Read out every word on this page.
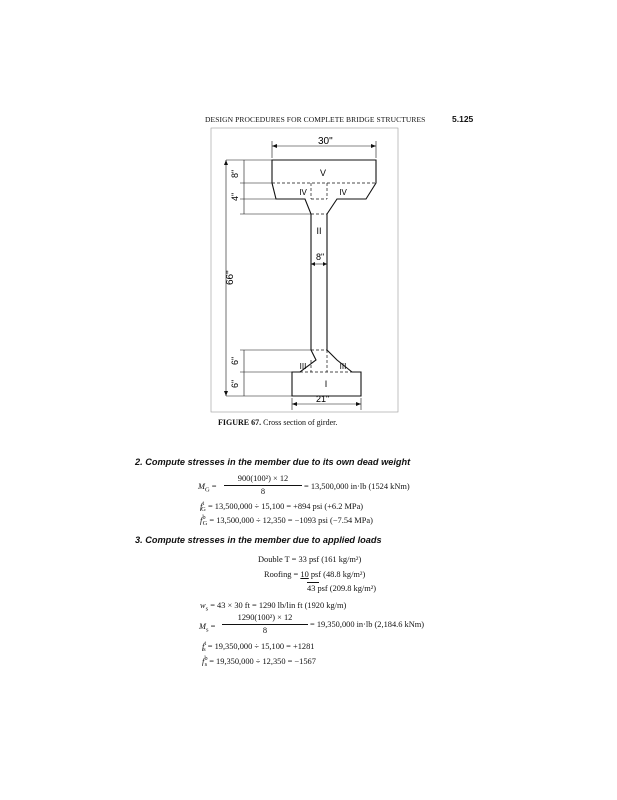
DESIGN PROCEDURES FOR COMPLETE BRIDGE STRUCTURES	5.125
30"
8"
21"
8"
4"
66"
6"
6"
V
IV	IV
II
III	III
I
FIGURE 67. Cross section of girder.
2. Compute stresses in the member due to its own dead weight
$M_G$ =
900(100²) × 12
8
= 13,500,000 in·lb (1524 kNm)
$f^t_G = 13,500,000 \div 15,100 = +894$ psi (+6.2 MPa)
$f^b_G = 13,500,000 \div 12,350 = -1093$ psi (−7.54 MPa)
3. Compute stresses in the member due to applied loads
Double T = 33 psf (161 kg/m²)
Roofing = 10 psf (48.8 kg/m²)
43 psf (209.8 kg/m²)
$w_s = 43 \times 30$ ft = 1290 lb/lin ft (1920 kg/m)
$M_s$ =
1290(100²) × 12
8
= 19,350,000 in·lb (2,184.6 kNm)
$f^t_s = 19,350,000 \div 15,100 = +1281$
$f^b_s = 19,350,000 \div 12,350 = -1567$
